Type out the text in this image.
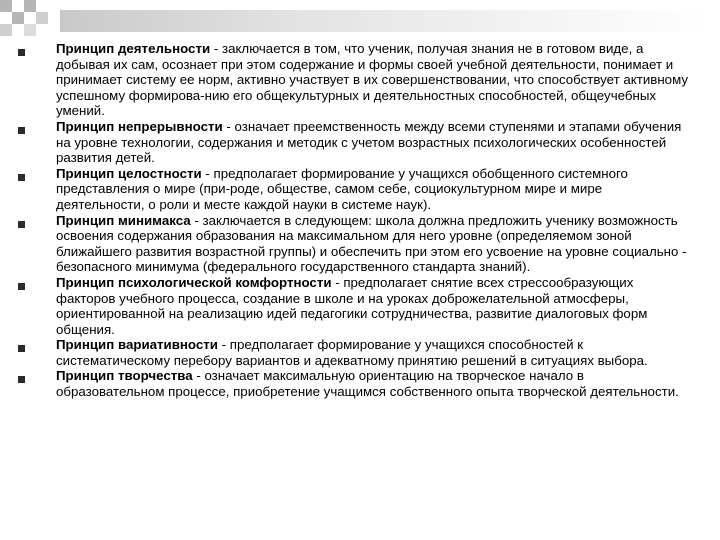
Принцип деятельности - заключается в том, что ученик, получая знания не в готовом виде, а добывая их сам, осознает при этом содержание и формы своей учебной деятельности, понимает и принимает систему ее норм, активно участвует в их совершенствовании, что способствует активному успешному формирова-нию его общекультурных и деятельностных способностей, общеучебных умений.

Принцип непрерывности - означает преемственность между всеми ступенями и этапами обучения на уровне технологии, содержания и методик с учетом возрастных психологических особенностей развития детей.

Принцип целостности - предполагает формирование у учащихся обобщенного системного представления о мире (при-роде, обществе, самом себе, социокультурном мире и мире деятельности, о роли и месте каждой науки в системе наук).

Принцип минимакса - заключается в следующем: школа должна предложить ученику возможность освоения содержания образования на максимальном для него уровне (определяемом зоной ближайшего развития возрастной группы) и обеспечить при этом его усвоение на уровне социально - безопасного минимума (федерального государственного стандарта знаний).

Принцип психологической комфортности - предполагает снятие всех стрессообразующих факторов учебного процесса, создание в школе и на уроках доброжелательной атмосферы, ориентированной на реализацию идей педагогики сотрудничества, развитие диалоговых форм общения.

Принцип вариативности - предполагает формирование у учащихся способностей к систематическому перебору вариантов и адекватному принятию решений в ситуациях выбора.

Принцип творчества - означает максимальную ориентацию на творческое начало в образовательном процессе, приобретение учащимся собственного опыта творческой деятельности.
